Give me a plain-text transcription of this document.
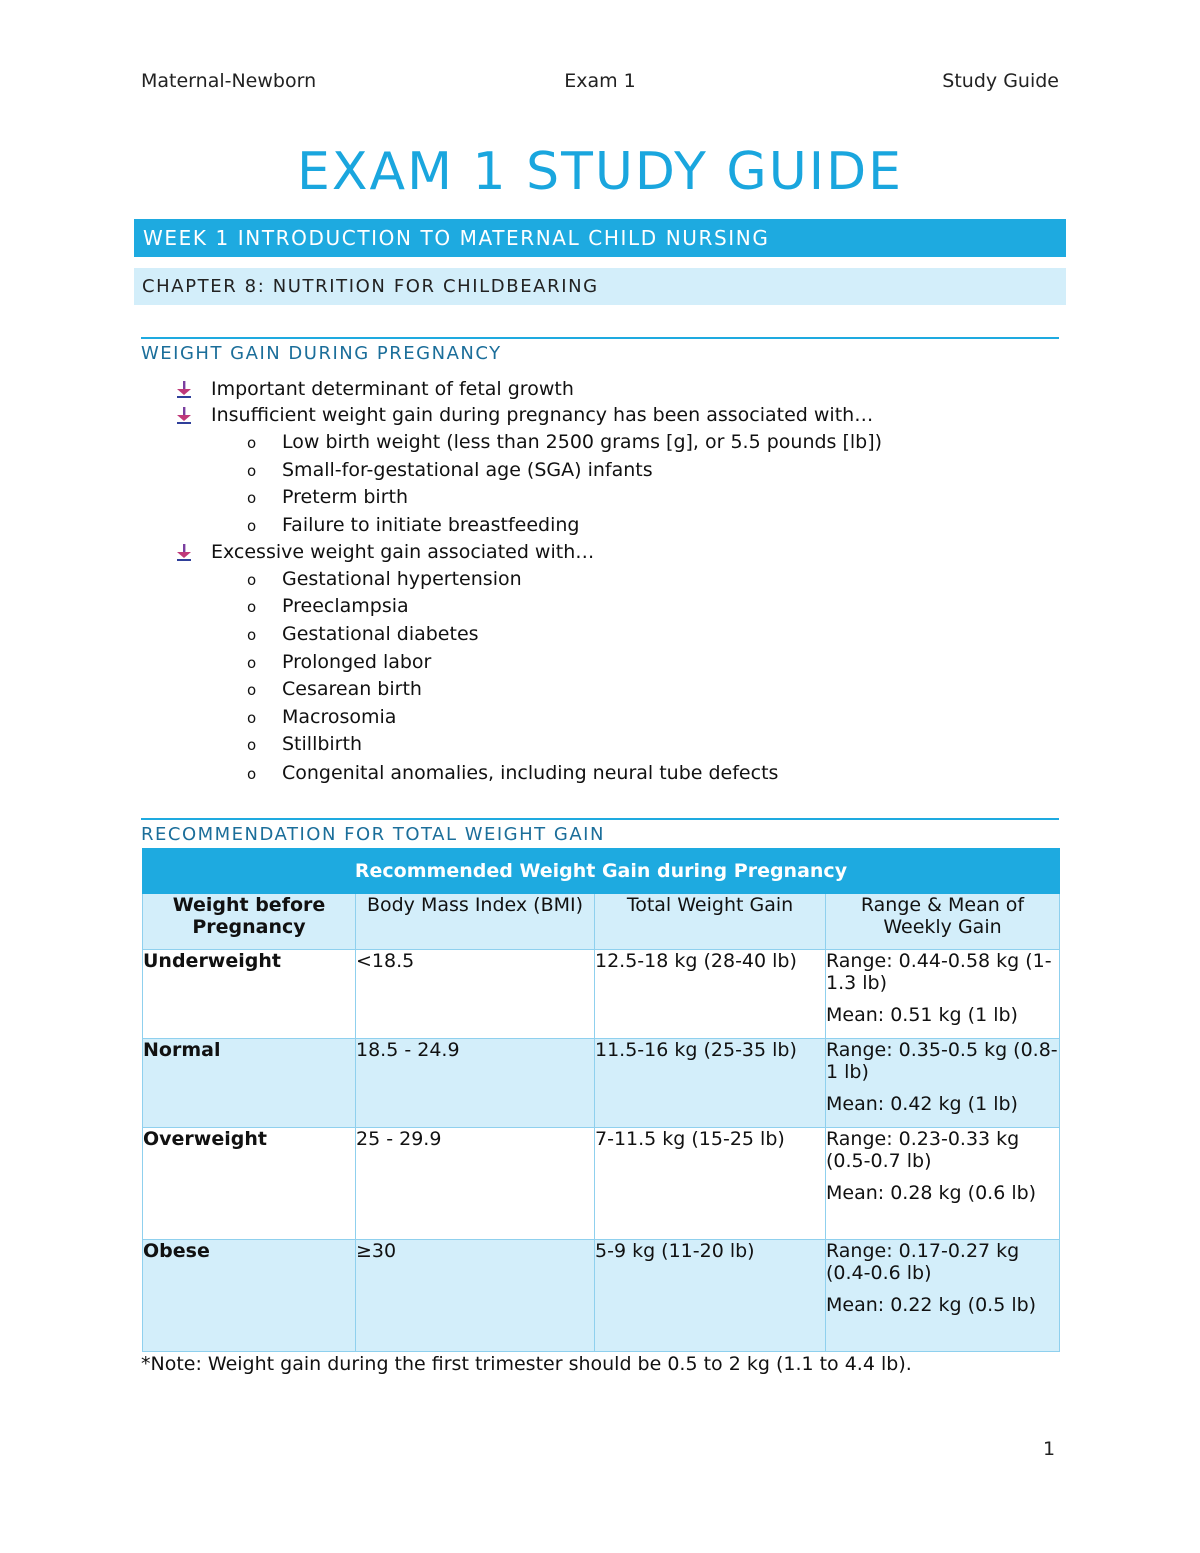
Maternal-Newborn	Exam 1	Study Guide
EXAM 1 STUDY GUIDE
WEEK 1 INTRODUCTION TO MATERNAL CHILD NURSING
CHAPTER 8: NUTRITION FOR CHILDBEARING
WEIGHT GAIN DURING PREGNANCY
Important determinant of fetal growth
Insufficient weight gain during pregnancy has been associated with…
o Low birth weight (less than 2500 grams [g], or 5.5 pounds [lb])
o Small-for-gestational age (SGA) infants
o Preterm birth
o Failure to initiate breastfeeding
Excessive weight gain associated with…
o Gestational hypertension
o Preeclampsia
o Gestational diabetes
o Prolonged labor
o Cesarean birth
o Macrosomia
o Stillbirth
o Congenital anomalies, including neural tube defects
RECOMMENDATION FOR TOTAL WEIGHT GAIN
Recommended Weight Gain during Pregnancy			
Weight before Pregnancy	Body Mass Index (BMI)	Total Weight Gain	Range & Mean of Weekly Gain
Underweight	<18.5	12.5-18 kg (28-40 lb)	Range: 0.44-0.58 kg (1-1.3 lb)
Mean: 0.51 kg (1 lb)

Normal	18.5 - 24.9	11.5-16 kg (25-35 lb)	Range: 0.35-0.5 kg (0.8-1 lb)
Mean: 0.42 kg (1 lb)

Overweight	25 - 29.9	7-11.5 kg (15-25 lb)	Range: 0.23-0.33 kg (0.5-0.7 lb)
Mean: 0.28 kg (0.6 lb)

Obese	≥30	5-9 kg (11-20 lb)	Range: 0.17-0.27 kg (0.4-0.6 lb)
Mean: 0.22 kg (0.5 lb)
*Note: Weight gain during the first trimester should be 0.5 to 2 kg (1.1 to 4.4 lb).
1
